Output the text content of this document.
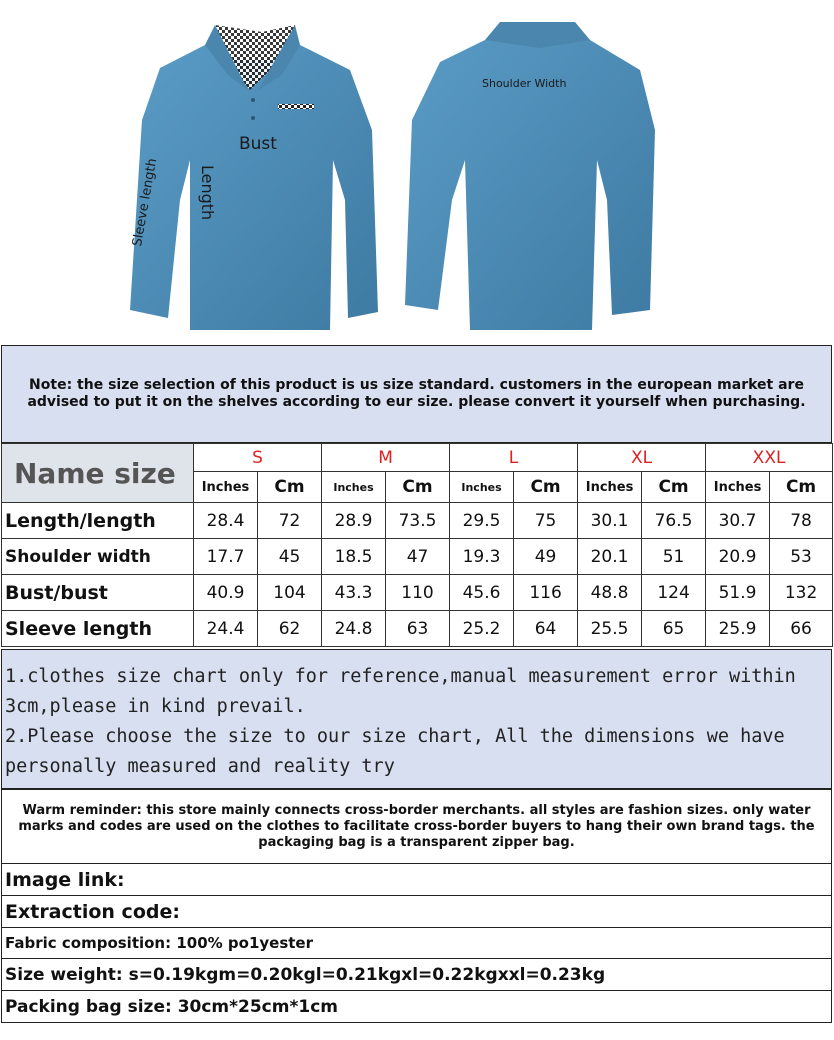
Bust
Length
Sleeve length
Shoulder Width
Note: the size selection of this product is us size standard. customers in the european market are advised to put it on the shelves according to eur size. please convert it yourself when purchasing.
Name size	S		M		L		XL		XXL	
	Inches	Cm	Inches	Cm	Inches	Cm	Inches	Cm	Inches	Cm
Length/length	28.4	72	28.9	73.5	29.5	75	30.1	76.5	30.7	78
Shoulder width	17.7	45	18.5	47	19.3	49	20.1	51	20.9	53
Bust/bust	40.9	104	43.3	110	45.6	116	48.8	124	51.9	132
Sleeve length	24.4	62	24.8	63	25.2	64	25.5	65	25.9	66

1.clothes size chart only for reference,manual measurement error within 3cm,please in kind prevail.

2.Please choose the size to our size chart, All the dimensions we have personally measured and reality try

Warm reminder: this store mainly connects cross-border merchants. all styles are fashion sizes. only water marks and codes are used on the clothes to facilitate cross-border buyers to hang their own brand tags. the packaging bag is a transparent zipper bag.

Image link:
Extraction code:
Fabric composition: 100% po1yester
Size weight: s=0.19kgm=0.20kgl=0.21kgxl=0.22kgxxl=0.23kg
Packing bag size: 30cm*25cm*1cm
